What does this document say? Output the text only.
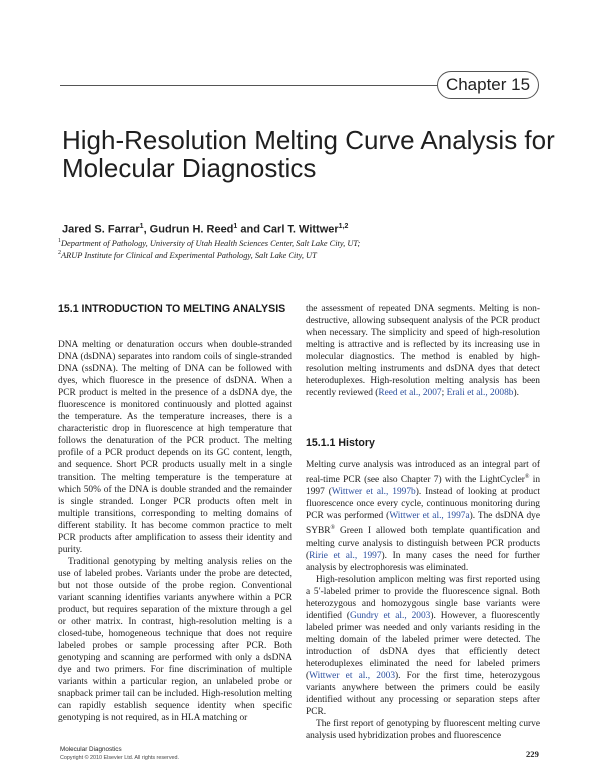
Chapter 15
High-Resolution Melting Curve Analysis for Molecular Diagnostics
Jared S. Farrar$^1$, Gudrun H. Reed$^1$ and Carl T. Wittwer$^{1,2}$
$^1$Department of Pathology, University of Utah Health Sciences Center, Salt Lake City, UT;
$^2$ARUP Institute for Clinical and Experimental Pathology, Salt Lake City, UT
15.1 INTRODUCTION TO MELTING ANALYSIS

DNA melting or denaturation occurs when double-stranded DNA (dsDNA) separates into random coils of single-stranded DNA (ssDNA). The melting of DNA can be followed with dyes, which fluoresce in the presence of dsDNA. When a PCR product is melted in the presence of a dsDNA dye, the fluorescence is monitored continuously and plotted against the temperature. As the temperature increases, there is a characteristic drop in fluorescence at high temperature that follows the denaturation of the PCR product. The melting profile of a PCR product depends on its GC content, length, and sequence. Short PCR products usually melt in a single transition. The melting temperature is the temperature at which 50% of the DNA is double stranded and the remainder is single stranded. Longer PCR products often melt in multiple transitions, corresponding to melting domains of different stability. It has become common practice to melt PCR products after amplification to assess their identity and purity.

Traditional genotyping by melting analysis relies on the use of labeled probes. Variants under the probe are detected, but not those outside of the probe region. Conventional variant scanning identifies variants anywhere within a PCR product, but requires separation of the mixture through a gel or other matrix. In contrast, high-resolution melting is a closed-tube, homogeneous technique that does not require labeled probes or sample processing after PCR. Both genotyping and scanning are performed with only a dsDNA dye and two primers. For fine discrimination of multiple variants within a particular region, an unlabeled probe or snapback primer tail can be included. High-resolution melting can rapidly establish sequence identity when specific genotyping is not required, as in HLA matching or

the assessment of repeated DNA segments. Melting is non-destructive, allowing subsequent analysis of the PCR product when necessary. The simplicity and speed of high-resolution melting is attractive and is reflected by its increasing use in molecular diagnostics. The method is enabled by high-resolution melting instruments and dsDNA dyes that detect heteroduplexes. High-resolution melting analysis has been recently reviewed (Reed et al., 2007; Erali et al., 2008b).

15.1.1 History

Melting curve analysis was introduced as an integral part of real-time PCR (see also Chapter 7) with the LightCycler® in 1997 (Wittwer et al., 1997b). Instead of looking at product fluorescence once every cycle, continuous monitoring during PCR was performed (Wittwer et al., 1997a). The dsDNA dye SYBR® Green I allowed both template quantification and melting curve analysis to distinguish between PCR products (Ririe et al., 1997). In many cases the need for further analysis by electrophoresis was eliminated.

High-resolution amplicon melting was first reported using a 5′-labeled primer to provide the fluorescence signal. Both heterozygous and homozygous single base variants were identified (Gundry et al., 2003). However, a fluorescently labeled primer was needed and only variants residing in the melting domain of the labeled primer were detected. The introduction of dsDNA dyes that efficiently detect heteroduplexes eliminated the need for labeled primers (Wittwer et al., 2003). For the first time, heterozygous variants anywhere between the primers could be easily identified without any processing or separation steps after PCR.

The first report of genotyping by fluorescent melting curve analysis used hybridization probes and fluorescence

Molecular Diagnostics
Copyright © 2010 Elsevier Ltd. All rights reserved.	229
